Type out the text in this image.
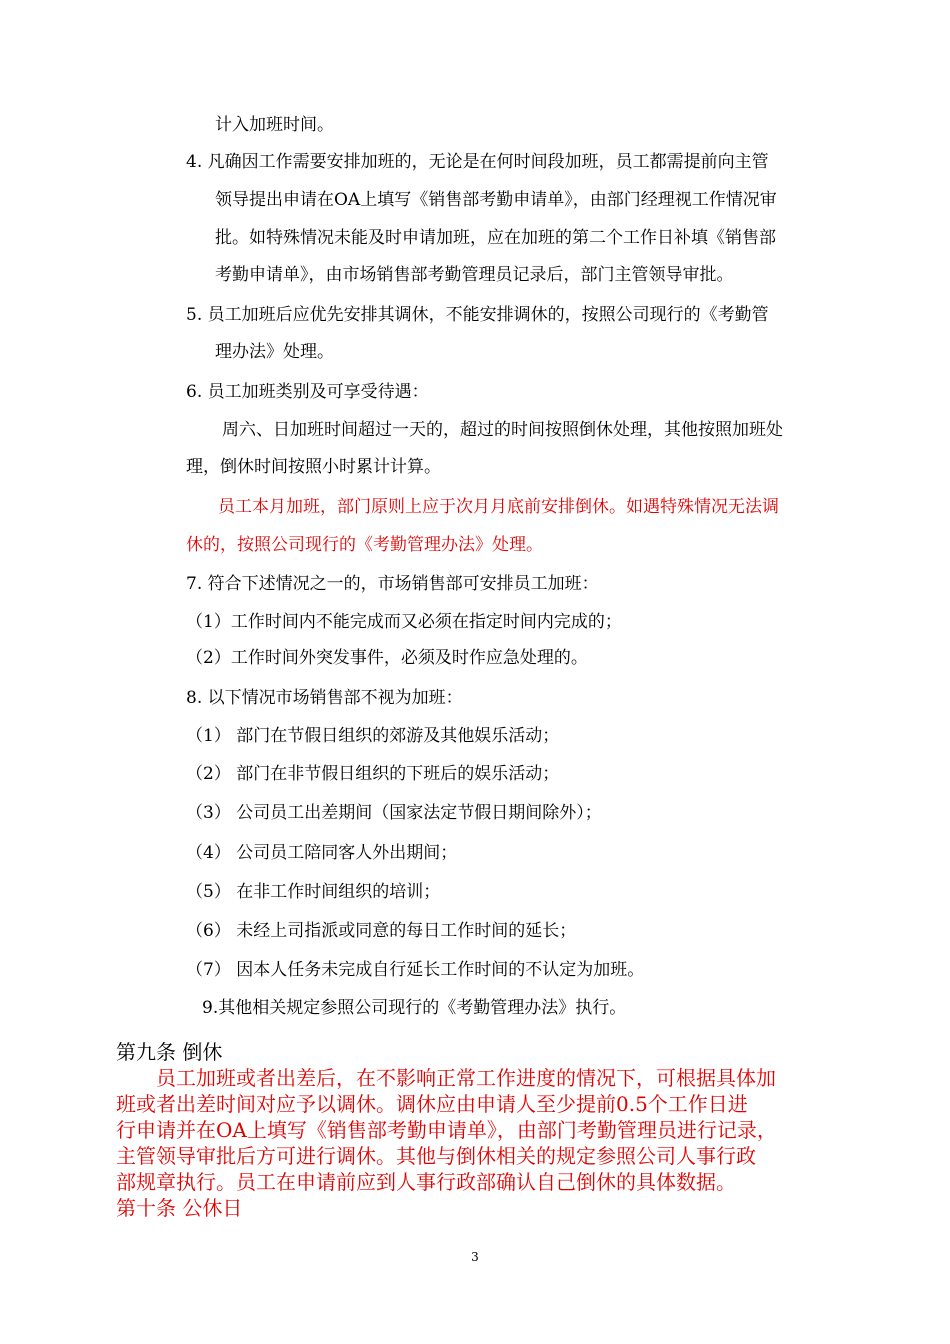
计入加班时间。
4. 凡确因工作需要安排加班的，无论是在何时间段加班，员工都需提前向主管
领导提出申请在OA上填写《销售部考勤申请单》，由部门经理视工作情况审
批。如特殊情况未能及时申请加班，应在加班的第二个工作日补填《销售部
考勤申请单》，由市场销售部考勤管理员记录后，部门主管领导审批。
5. 员工加班后应优先安排其调休，不能安排调休的，按照公司现行的《考勤管
理办法》处理。
6. 员工加班类别及可享受待遇：
周六、日加班时间超过一天的，超过的时间按照倒休处理，其他按照加班处
理，倒休时间按照小时累计计算。
员工本月加班，部门原则上应于次月月底前安排倒休。如遇特殊情况无法调
休的，按照公司现行的《考勤管理办法》处理。
7. 符合下述情况之一的，市场销售部可安排员工加班：
（1）工作时间内不能完成而又必须在指定时间内完成的；
（2）工作时间外突发事件，必须及时作应急处理的。
8. 以下情况市场销售部不视为加班：
（1） 部门在节假日组织的郊游及其他娱乐活动；
（2） 部门在非节假日组织的下班后的娱乐活动；
（3） 公司员工出差期间（国家法定节假日期间除外）；
（4） 公司员工陪同客人外出期间；
（5） 在非工作时间组织的培训；
（6） 未经上司指派或同意的每日工作时间的延长；
（7） 因本人任务未完成自行延长工作时间的不认定为加班。
9.其他相关规定参照公司现行的《考勤管理办法》执行。
第九条 倒休
员工加班或者出差后，在不影响正常工作进度的情况下，可根据具体加
班或者出差时间对应予以调休。调休应由申请人至少提前0.5个工作日进
行申请并在OA上填写《销售部考勤申请单》，由部门考勤管理员进行记录，
主管领导审批后方可进行调休。其他与倒休相关的规定参照公司人事行政
部规章执行。员工在申请前应到人事行政部确认自己倒休的具体数据。
第十条 公休日
3
